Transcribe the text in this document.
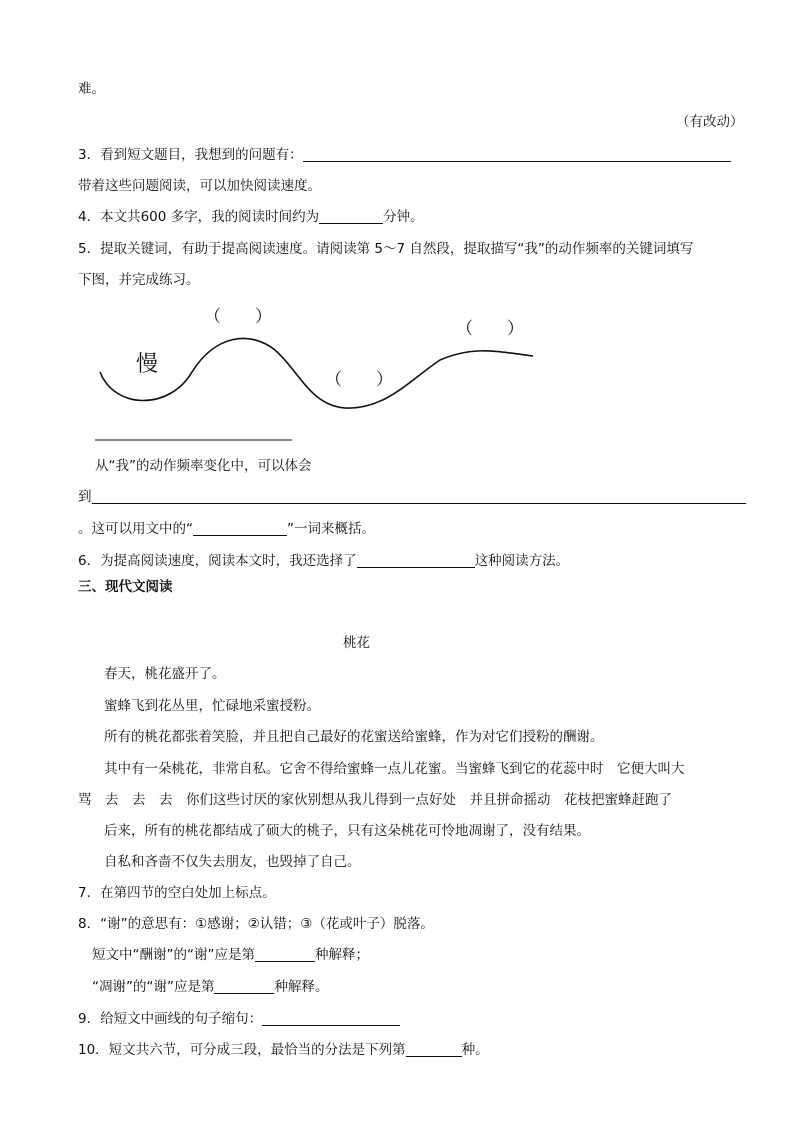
难。
（有改动）
3．看到短文题目，我想到的问题有：
带着这些问题阅读，可以加快阅读速度。
4．本文共600 多字，我的阅读时间约为	分钟。
5．提取关键词，有助于提高阅读速度。请阅读第 5～7 自然段，提取描写“我”的动作频率的关键词填写
下图，并完成练习。
慢
（　　）
（　　）
（　　）
从“我”的动作频率变化中，可以体会
到
。这可以用文中的“	”一词来概括。
6．为提高阅读速度，阅读本文时，我还选择了	这种阅读方法。
三、现代文阅读
桃花
春天，桃花盛开了。
蜜蜂飞到花丛里，忙碌地采蜜授粉。
所有的桃花都张着笑脸，并且把自己最好的花蜜送给蜜蜂，作为对它们授粉的酬谢。
其中有一朵桃花，非常自私。它舍不得给蜜蜂一点儿花蜜。当蜜蜂飞到它的花蕊中时　它便大叫大
骂　去　去　去　你们这些讨厌的家伙别想从我儿得到一点好处　并且拼命摇动　花枝把蜜蜂赶跑了
后来，所有的桃花都结成了硕大的桃子，只有这朵桃花可怜地凋谢了，没有结果。
自私和吝啬不仅失去朋友，也毁掉了自己。
7．在第四节的空白处加上标点。
8．“谢”的意思有：①感谢；②认错；③（花或叶子）脱落。
短文中“酬谢”的“谢”应是第	种解释；
“凋谢”的“谢”应是第	种解释。
9．给短文中画线的句子缩句：
10．短文共六节，可分成三段，最恰当的分法是下列第	种。
